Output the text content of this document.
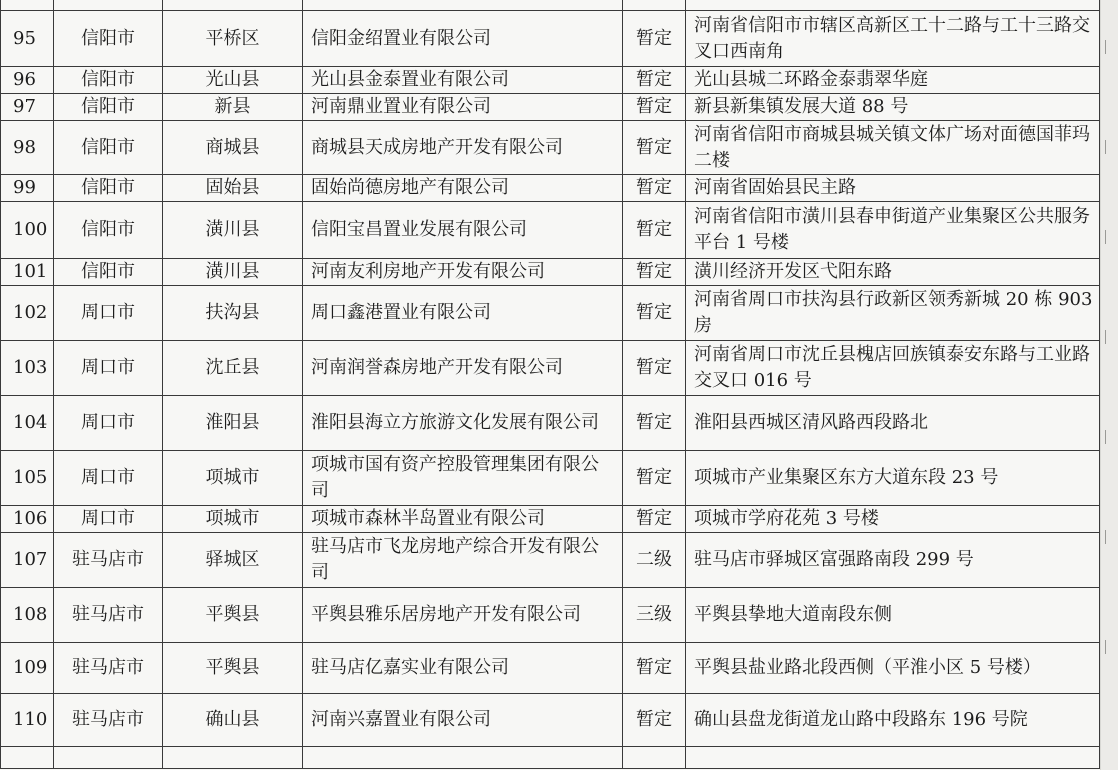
95	信阳市	平桥区	信阳金绍置业有限公司	暂定	河南省信阳市市辖区高新区工十二路与工十三路交叉口西南角
96	信阳市	光山县	光山县金泰置业有限公司	暂定	光山县城二环路金泰翡翠华庭
97	信阳市	新县	河南鼎业置业有限公司	暂定	新县新集镇发展大道 88 号
98	信阳市	商城县	商城县天成房地产开发有限公司	暂定	河南省信阳市商城县城关镇文体广场对面德国菲玛二楼
99	信阳市	固始县	固始尚德房地产有限公司	暂定	河南省固始县民主路
100	信阳市	潢川县	信阳宝昌置业发展有限公司	暂定	河南省信阳市潢川县春申街道产业集聚区公共服务平台 1 号楼
101	信阳市	潢川县	河南友利房地产开发有限公司	暂定	潢川经济开发区弋阳东路
102	周口市	扶沟县	周口鑫港置业有限公司	暂定	河南省周口市扶沟县行政新区领秀新城 20 栋 903 房
103	周口市	沈丘县	河南润誉森房地产开发有限公司	暂定	河南省周口市沈丘县槐店回族镇泰安东路与工业路交叉口 016 号
104	周口市	淮阳县	淮阳县海立方旅游文化发展有限公司	暂定	淮阳县西城区清风路西段路北
105	周口市	项城市	项城市国有资产控股管理集团有限公司	暂定	项城市产业集聚区东方大道东段 23 号
106	周口市	项城市	项城市森林半岛置业有限公司	暂定	项城市学府花苑 3 号楼
107	驻马店市	驿城区	驻马店市飞龙房地产综合开发有限公司	二级	驻马店市驿城区富强路南段 299 号
108	驻马店市	平舆县	平舆县雅乐居房地产开发有限公司	三级	平舆县挚地大道南段东侧
109	驻马店市	平舆县	驻马店亿嘉实业有限公司	暂定	平舆县盐业路北段西侧（平淮小区 5 号楼）
110	驻马店市	确山县	河南兴嘉置业有限公司	暂定	确山县盘龙街道龙山路中段路东 196 号院
